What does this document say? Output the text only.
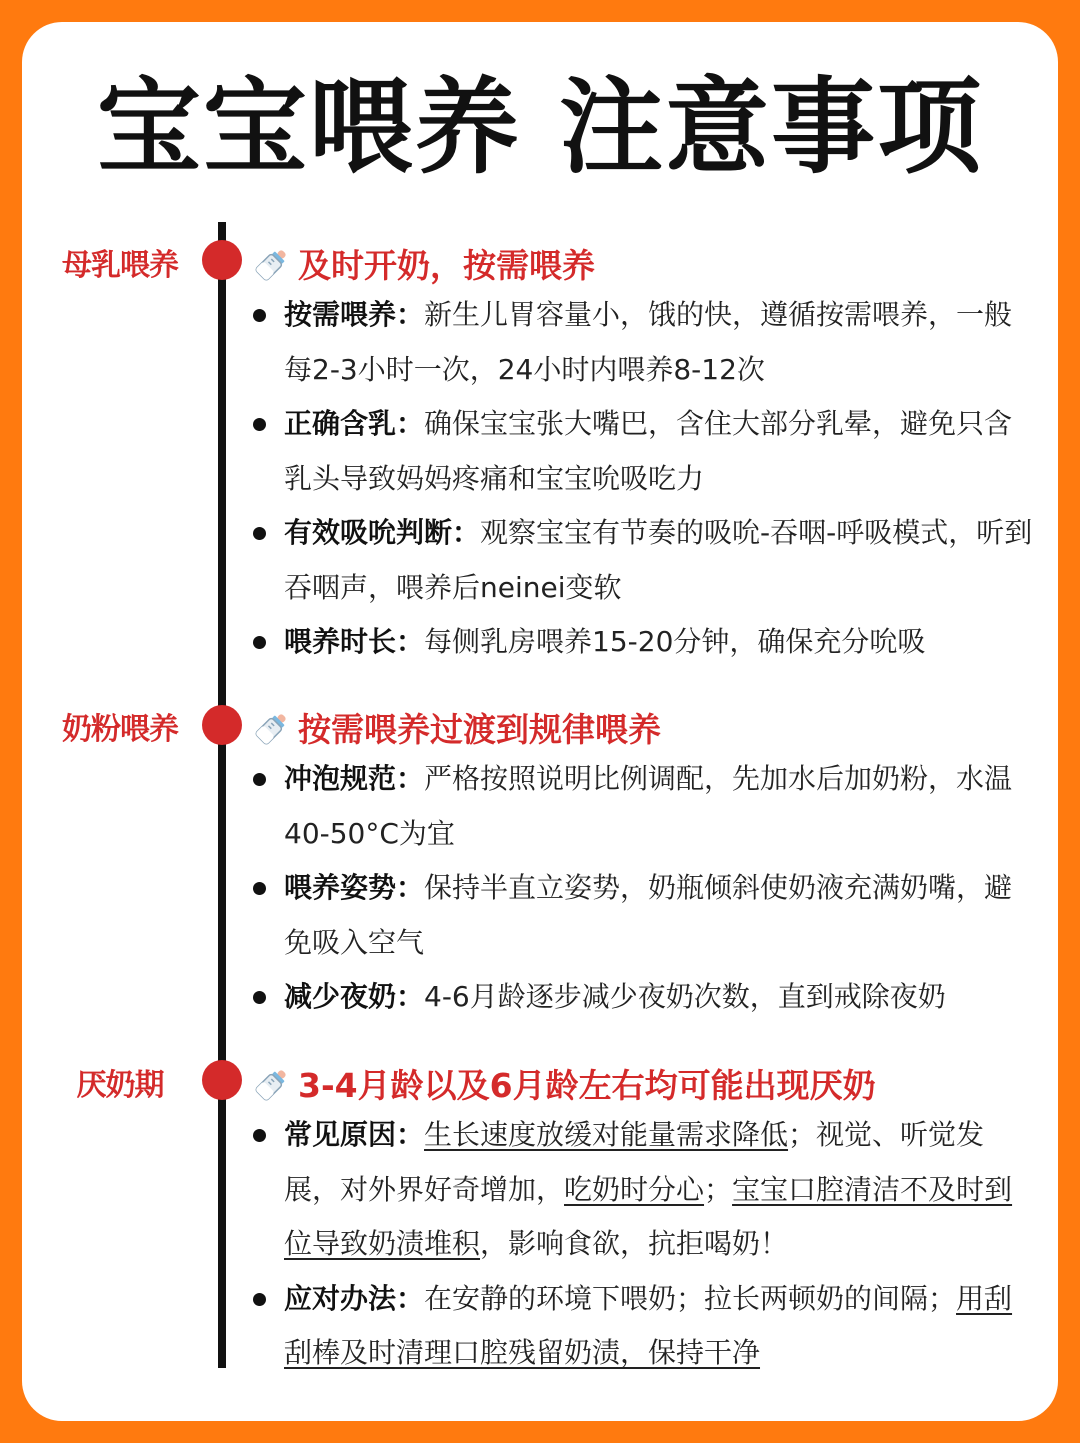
宝宝喂养 注意事项
母乳喂养	及时开奶，按需喂养
按需喂养：新生儿胃容量小，饿的快，遵循按需喂养，一般每2-3小时一次，24小时内喂养8-12次
正确含乳：确保宝宝张大嘴巴，含住大部分乳晕，避免只含乳头导致妈妈疼痛和宝宝吮吸吃力
有效吸吮判断：观察宝宝有节奏的吸吮-吞咽-呼吸模式，听到吞咽声，喂养后neinei变软
喂养时长：每侧乳房喂养15-20分钟，确保充分吮吸
奶粉喂养	按需喂养过渡到规律喂养
冲泡规范：严格按照说明比例调配，先加水后加奶粉，水温40-50°C为宜
喂养姿势：保持半直立姿势，奶瓶倾斜使奶液充满奶嘴，避免吸入空气
减少夜奶：4-6月龄逐步减少夜奶次数，直到戒除夜奶
厌奶期	3-4月龄以及6月龄左右均可能出现厌奶
常见原因：生长速度放缓对能量需求降低；视觉、听觉发展，对外界好奇增加，吃奶时分心；宝宝口腔清洁不及时到位导致奶渍堆积，影响食欲，抗拒喝奶！
应对办法：在安静的环境下喂奶；拉长两顿奶的间隔；用刮刮棒及时清理口腔残留奶渍，保持干净
